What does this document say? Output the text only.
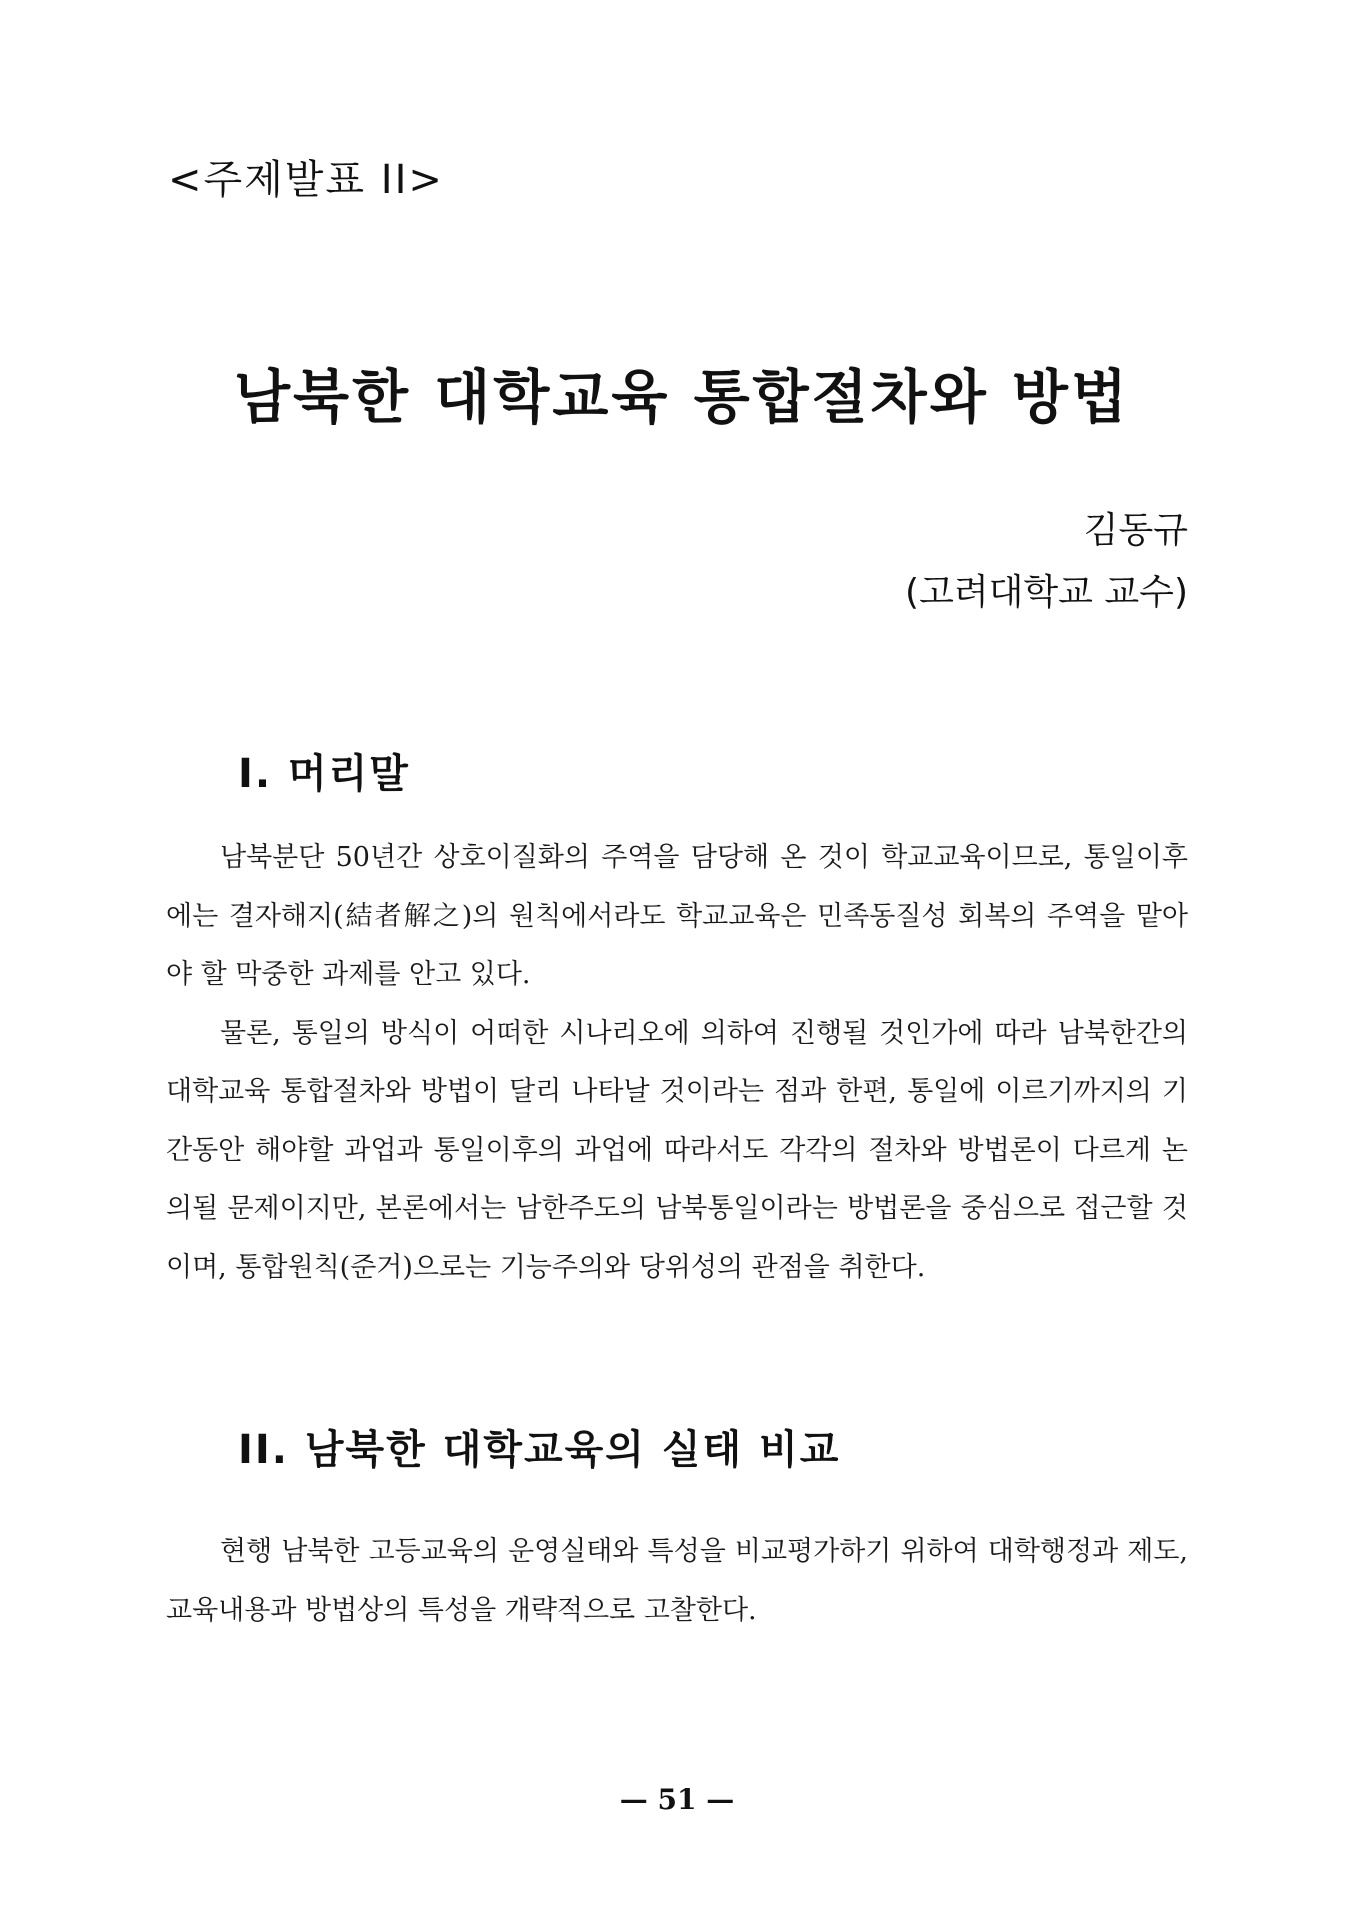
<주제발표 II>
남북한 대학교육 통합절차와 방법
김동규
(고려대학교 교수)
I. 머리말

남북분단 50년간 상호이질화의 주역을 담당해 온 것이 학교교육이므로, 통일이후에는 결자해지(結者解之)의 원칙에서라도 학교교육은 민족동질성 회복의 주역을 맡아야 할 막중한 과제를 안고 있다.

물론, 통일의 방식이 어떠한 시나리오에 의하여 진행될 것인가에 따라 남북한간의 대학교육 통합절차와 방법이 달리 나타날 것이라는 점과 한편, 통일에 이르기까지의 기간동안 해야할 과업과 통일이후의 과업에 따라서도 각각의 절차와 방법론이 다르게 논의될 문제이지만, 본론에서는 남한주도의 남북통일이라는 방법론을 중심으로 접근할 것이며, 통합원칙(준거)으로는 기능주의와 당위성의 관점을 취한다.

II. 남북한 대학교육의 실태 비교

현행 남북한 고등교육의 운영실태와 특성을 비교평가하기 위하여 대학행정과 제도, 교육내용과 방법상의 특성을 개략적으로 고찰한다.

— 51 —
